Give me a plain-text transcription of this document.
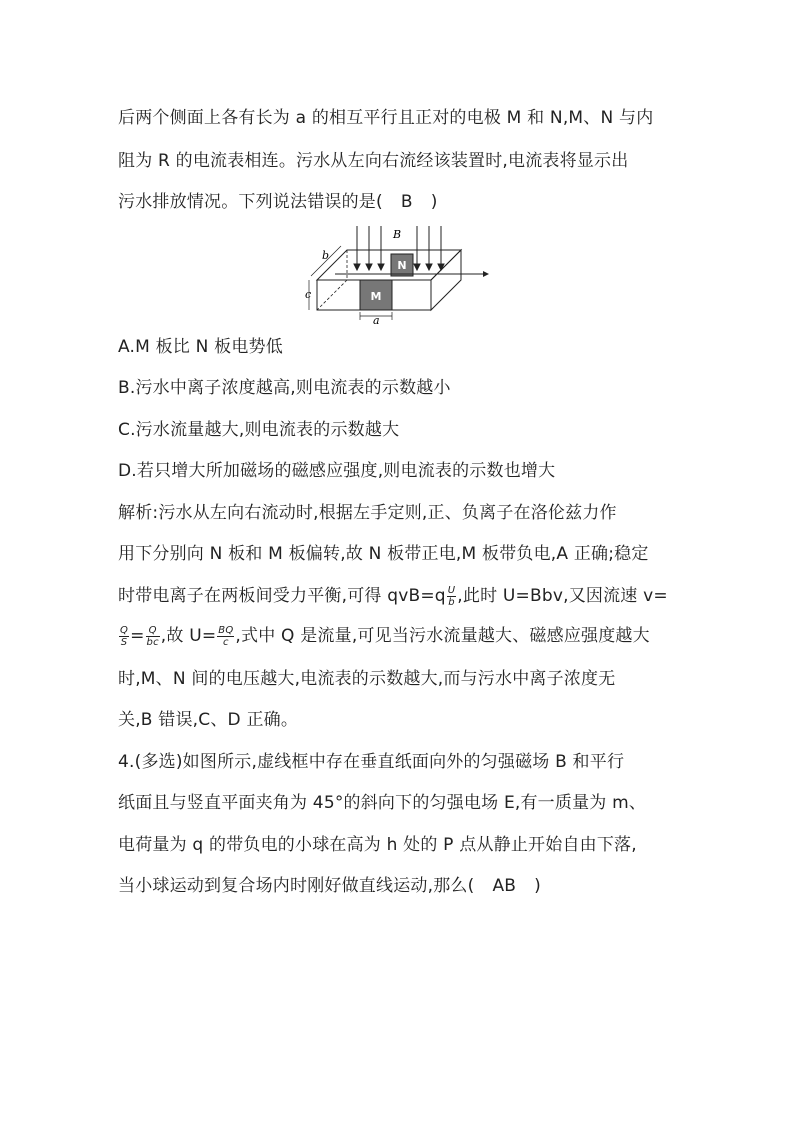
后两个侧面上各有长为 a 的相互平行且正对的电极 M 和 N,M、N 与内
阻为 R 的电流表相连。污水从左向右流经该装置时,电流表将显示出
污水排放情况。下列说法错误的是( B )
N
M
B
b
c
a
A.M 板比 N 板电势低
B.污水中离子浓度越高,则电流表的示数越小
C.污水流量越大,则电流表的示数越大
D.若只增大所加磁场的磁感应强度,则电流表的示数也增大
解析:污水从左向右流动时,根据左手定则,正、负离子在洛伦兹力作
用下分别向 N 板和 M 板偏转,故 N 板带正电,M 板带负电,A 正确;稳定
时带电离子在两板间受力平衡,可得 $qvB=q \frac{U}{b}$ ,此时 U=Bbv,又因流速 v=
$\frac{Q}{S} = \frac{Q}{bc}$ ,故 $U= \frac{BQ}{c}$ ,式中 Q 是流量,可见当污水流量越大、磁感应强度越大
时,M、N 间的电压越大,电流表的示数越大,而与污水中离子浓度无
关,B 错误,C、D 正确。
4.(多选)如图所示,虚线框中存在垂直纸面向外的匀强磁场 B 和平行
纸面且与竖直平面夹角为 45°的斜向下的匀强电场 E,有一质量为 m、
电荷量为 q 的带负电的小球在高为 h 处的 P 点从静止开始自由下落,
当小球运动到复合场内时刚好做直线运动,那么( AB )
